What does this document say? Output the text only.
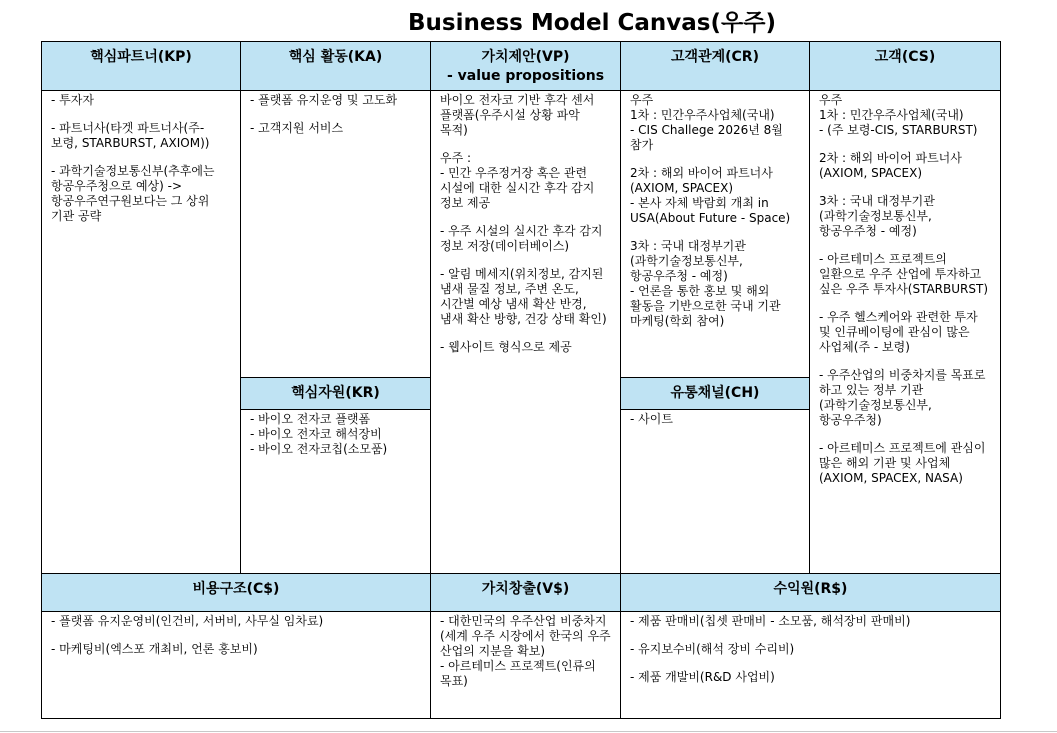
Business Model Canvas(우주)
핵심파트너(KP)

- 투자자

- 파트너사(타겟 파트너사(주-보령, STARBURST, AXIOM))

- 과학기술정보통신부(추후에는 항공우주청으로 예상) -> 항공우주연구원보다는 그 상위 기관 공략

핵심 활동(KA)

- 플랫폼 유지운영 및 고도화

- 고객지원 서비스

핵심자원(KR)

- 바이오 전자코 플랫폼
- 바이오 전자코 해석장비
- 바이오 전자코칩(소모품)

가치제안(VP)
- value propositions

바이오 전자코 기반 후각 센서 플랫폼(우주시설 상황 파악 목적)

우주 :
- 민간 우주정거장 혹은 관련 시설에 대한 실시간 후각 감지 정보 제공

- 우주 시설의 실시간 후각 감지 정보 저장(데이터베이스)

- 알림 메세지(위치정보, 감지된 냄새 물질 정보, 주변 온도, 시간별 예상 냄새 확산 반경, 냄새 확산 방향, 건강 상태 확인)

- 웹사이트 형식으로 제공

고객관계(CR)

우주
1차 : 민간우주사업체(국내)
- CIS Challege 2026년 8월 참가

2차 : 해외 바이어 파트너사(AXIOM, SPACEX)
- 본사 자체 박람회 개최 in USA(About Future - Space)

3차 : 국내 대정부기관(과학기술정보통신부, 항공우주청 - 예정)
- 언론을 통한 홍보 및 해외 활동을 기반으로한 국내 기관 마케팅(학회 참여)

유통채널(CH)

- 사이트

고객(CS)

우주
1차 : 민간우주사업체(국내)
- (주 보령-CIS, STARBURST)

2차 : 해외 바이어 파트너사(AXIOM, SPACEX)

3차 : 국내 대정부기관(과학기술정보통신부, 항공우주청 - 예정)

- 아르테미스 프로젝트의 일환으로 우주 산업에 투자하고 싶은 우주 투자사(STARBURST)

- 우주 헬스케어와 관련한 투자 및 인큐베이팅에 관심이 많은 사업체(주 - 보령)

- 우주산업의 비중차지를 목표로 하고 있는 정부 기관(과학기술정보통신부, 항공우주청)

- 아르테미스 프로젝트에 관심이 많은 해외 기관 및 사업체(AXIOM, SPACEX, NASA)

비용구조(C$)

- 플랫폼 유지운영비(인건비, 서버비, 사무실 임차료)

- 마케팅비(엑스포 개최비, 언론 홍보비)

가치창출(V$)

- 대한민국의 우주산업 비중차지(세계 우주 시장에서 한국의 우주 산업의 지분을 확보)
- 아르테미스 프로젝트(인류의 목표)

수익원(R$)

- 제품 판매비(칩셋 판매비 - 소모품, 해석장비 판매비)

- 유지보수비(해석 장비 수리비)

- 제품 개발비(R&D 사업비)
